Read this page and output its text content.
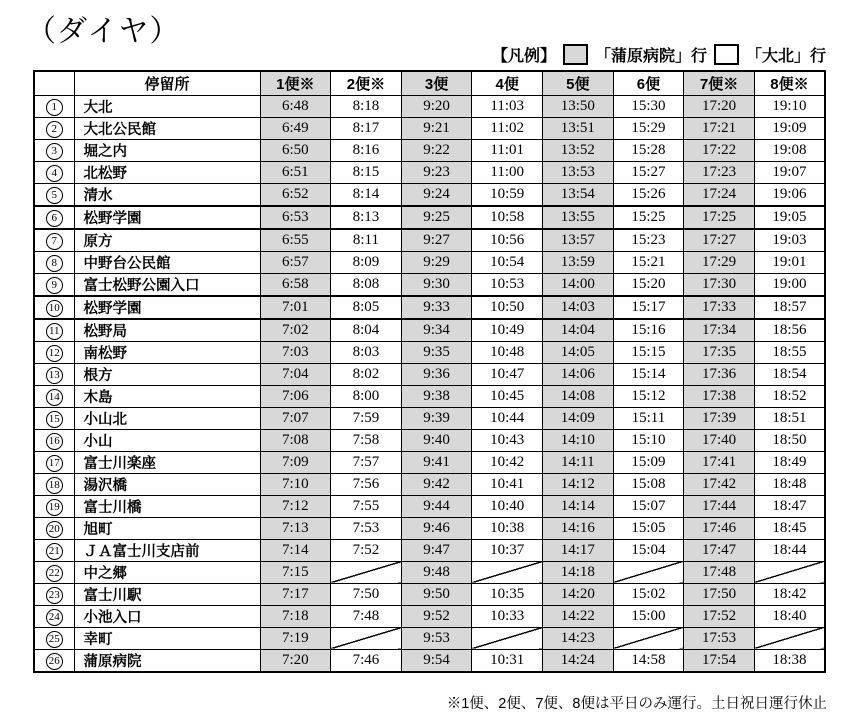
（ダイヤ）
【凡例】 「蒲原病院」行 「大北」行
	停留所	1便※	2便※	3便	4便	5便	6便	7便※	8便※
1	大北	6:48	8:18	9:20	11:03	13:50	15:30	17:20	19:10
2	大北公民館	6:49	8:17	9:21	11:02	13:51	15:29	17:21	19:09
3	堀之内	6:50	8:16	9:22	11:01	13:52	15:28	17:22	19:08
4	北松野	6:51	8:15	9:23	11:00	13:53	15:27	17:23	19:07
5	清水	6:52	8:14	9:24	10:59	13:54	15:26	17:24	19:06
6	松野学園	6:53	8:13	9:25	10:58	13:55	15:25	17:25	19:05
7	原方	6:55	8:11	9:27	10:56	13:57	15:23	17:27	19:03
8	中野台公民館	6:57	8:09	9:29	10:54	13:59	15:21	17:29	19:01
9	富士松野公園入口	6:58	8:08	9:30	10:53	14:00	15:20	17:30	19:00
10	松野学園	7:01	8:05	9:33	10:50	14:03	15:17	17:33	18:57
11	松野局	7:02	8:04	9:34	10:49	14:04	15:16	17:34	18:56
12	南松野	7:03	8:03	9:35	10:48	14:05	15:15	17:35	18:55
13	根方	7:04	8:02	9:36	10:47	14:06	15:14	17:36	18:54
14	木島	7:06	8:00	9:38	10:45	14:08	15:12	17:38	18:52
15	小山北	7:07	7:59	9:39	10:44	14:09	15:11	17:39	18:51
16	小山	7:08	7:58	9:40	10:43	14:10	15:10	17:40	18:50
17	富士川楽座	7:09	7:57	9:41	10:42	14:11	15:09	17:41	18:49
18	湯沢橋	7:10	7:56	9:42	10:41	14:12	15:08	17:42	18:48
19	富士川橋	7:12	7:55	9:44	10:40	14:14	15:07	17:44	18:47
20	旭町	7:13	7:53	9:46	10:38	14:16	15:05	17:46	18:45
21	ＪＡ富士川支店前	7:14	7:52	9:47	10:37	14:17	15:04	17:47	18:44
22	中之郷	7:15		9:48		14:18		17:48	
23	富士川駅	7:17	7:50	9:50	10:35	14:20	15:02	17:50	18:42
24	小池入口	7:18	7:48	9:52	10:33	14:22	15:00	17:52	18:40
25	幸町	7:19		9:53		14:23		17:53	
26	蒲原病院	7:20	7:46	9:54	10:31	14:24	14:58	17:54	18:38
※1便、2便、7便、8便は平日のみ運行。土日祝日運行休止
